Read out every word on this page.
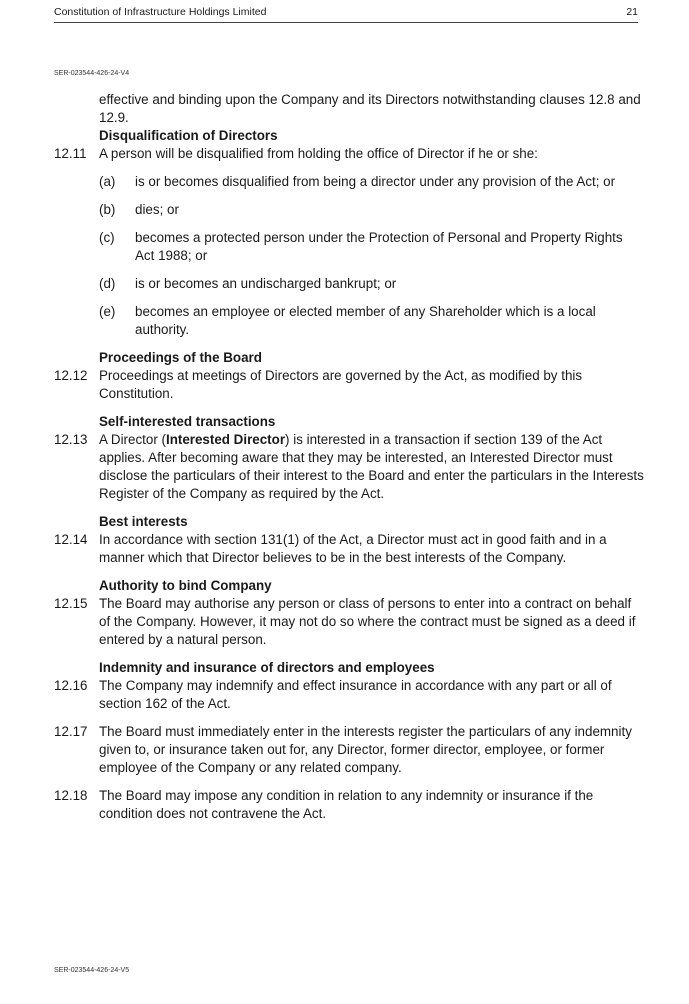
Constitution of Infrastructure Holdings Limited	21
SER-023544-426-24-V4

effective and binding upon the Company and its Directors notwithstanding clauses 12.8 and 12.9.

Disqualification of Directors

12.11 A person will be disqualified from holding the office of Director if he or she:
(a)	is or becomes disqualified from being a director under any provision of the Act; or
(b)	dies; or
(c)	becomes a protected person under the Protection of Personal and Property Rights Act 1988; or
(d)	is or becomes an undischarged bankrupt; or
(e)	becomes an employee or elected member of any Shareholder which is a local authority.

Proceedings of the Board

12.12 Proceedings at meetings of Directors are governed by the Act, as modified by this Constitution.

Self-interested transactions

12.13 A Director (Interested Director) is interested in a transaction if section 139 of the Act applies. After becoming aware that they may be interested, an Interested Director must disclose the particulars of their interest to the Board and enter the particulars in the Interests Register of the Company as required by the Act.

Best interests

12.14 In accordance with section 131(1) of the Act, a Director must act in good faith and in a manner which that Director believes to be in the best interests of the Company.

Authority to bind Company

12.15 The Board may authorise any person or class of persons to enter into a contract on behalf of the Company. However, it may not do so where the contract must be signed as a deed if entered by a natural person.

Indemnity and insurance of directors and employees

12.16 The Company may indemnify and effect insurance in accordance with any part or all of section 162 of the Act.
12.17 The Board must immediately enter in the interests register the particulars of any indemnity given to, or insurance taken out for, any Director, former director, employee, or former employee of the Company or any related company.
12.18 The Board may impose any condition in relation to any indemnity or insurance if the condition does not contravene the Act.
SER-023544-426-24-V5
